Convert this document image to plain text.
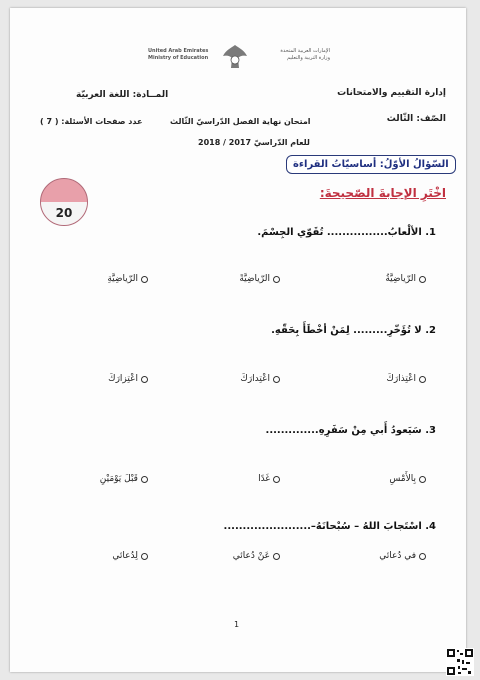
United Arab Emirates
Ministry of Education
الإمارات العربية المتحدة
وزارة التربية والتعليم
إدارة التقييم والامتحانات
المــادة: اللغة العربيّة
الصّف: الثّالث
امتحان نهاية الفصل الدّراسيّ الثّالث
عدد صفحات الأسئلة: ( 7 )
للعام الدّراسيّ 2017 / 2018
السّؤالُ الأوّلُ: أساسيّاتُ القراءة
اخْتَرِ الإجابةَ الصّحيحةَ:
20
1. الألْعابُ................ تُقَوّي الجِسْمَ.
الرّياضِيَّةُ
الرّياضِيَّةً
الرّياضِيَّةِ
2. لا تُؤَخّرِ......... لِمَنْ أخْطَأَ بِحَقّهِ.
اعْتِذارَكَ
اعْتِدارَكَ
اعْتِزارَكَ
3. سَيَعودُ أَبي مِنْ سَفَرِهِ..............
بِالأَمْسِ
غَدًا
قَبْلَ يَوْمَيْنِ
4. اسْتَجابَ اللهُ – سُبْحانَهُ–.......................
في دُعائي
عَنْ دُعائي
لِدُعائي
1
